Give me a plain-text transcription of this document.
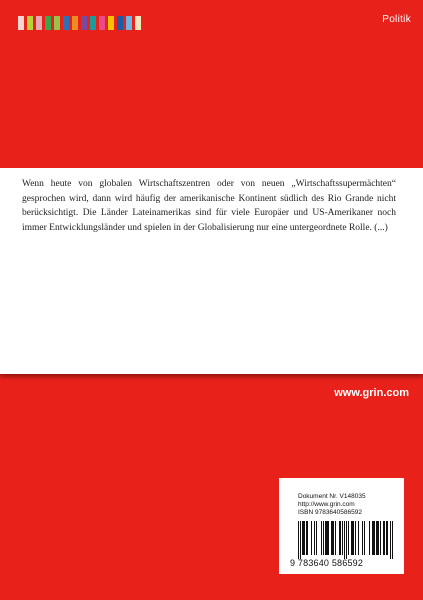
Politik

Wenn heute von globalen Wirtschaftszentren oder von neuen „Wirtschaftssupermächten“ gesprochen wird, dann wird häufig der amerikanische Kontinent südlich des Rio Grande nicht berücksichtigt. Die Länder Lateinamerikas sind für viele Europäer und US-Amerikaner noch immer Entwicklungsländer und spielen in der Globalisierung nur eine untergeordnete Rolle. (...)

www.grin.com
Dokument Nr. V148035
http://www.grin.com
ISBN 9783640586592
9 783640 586592
